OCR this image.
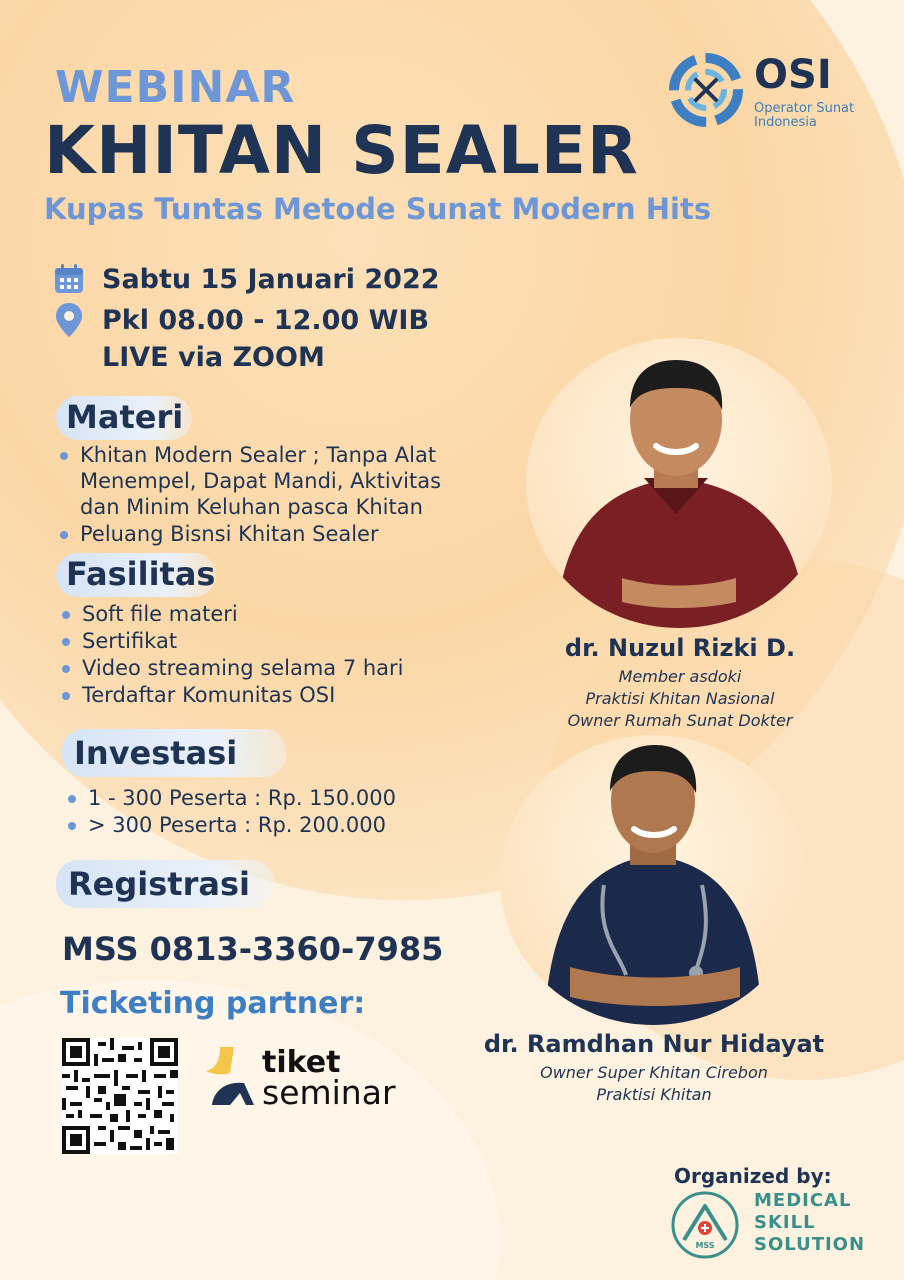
WEBINAR
KHITAN SEALER
Kupas Tuntas Metode Sunat Modern Hits
OSI
Operator Sunat
Indonesia
Sabtu 15 Januari 2022
Pkl 08.00 - 12.00 WIB
LIVE via ZOOM
Materi
Khitan Modern Sealer ; Tanpa Alat Menempel, Dapat Mandi, Aktivitas dan Minim Keluhan pasca Khitan
Peluang Bisnsi Khitan Sealer
Fasilitas
Soft file materi
Sertifikat
Video streaming selama 7 hari
Terdaftar Komunitas OSI
Investasi
1 - 300 Peserta : Rp. 150.000
> 300 Peserta : Rp. 200.000
Registrasi
MSS 0813-3360-7985
Ticketing partner:
tiket
seminar
dr. Nuzul Rizki D.
Member asdoki
Praktisi Khitan Nasional
Owner Rumah Sunat Dokter
dr. Ramdhan Nur Hidayat
Owner Super Khitan Cirebon
Praktisi Khitan
Organized by:
MSS
MEDICAL
SKILL
SOLUTION
